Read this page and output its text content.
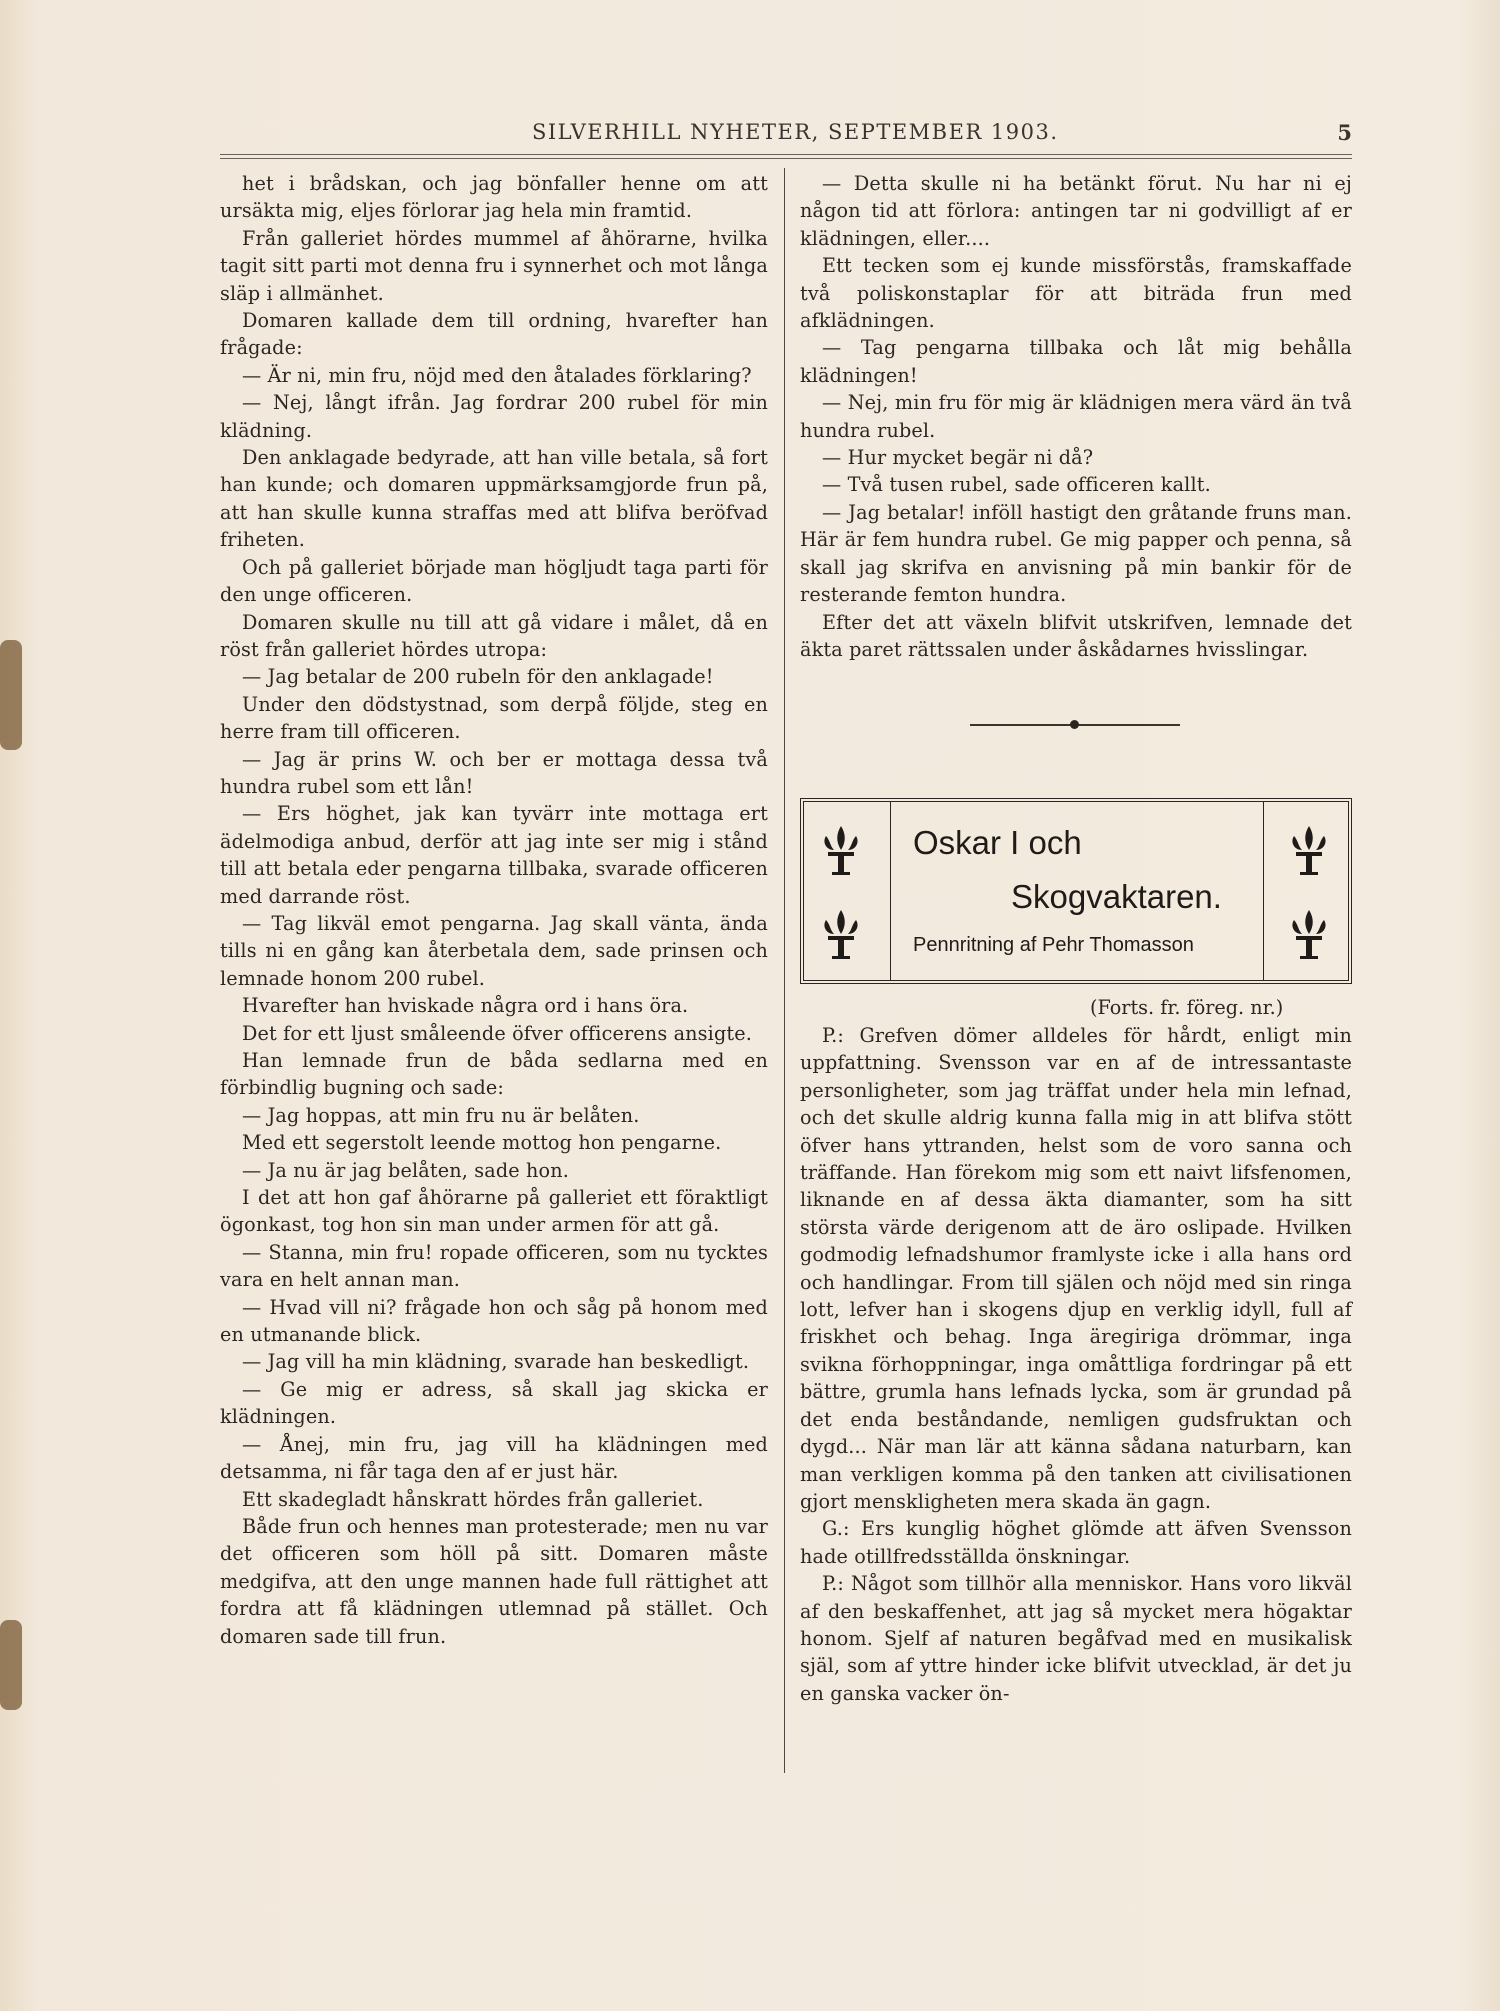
SILVERHILL NYHETER, SEPTEMBER 1903.	5

het i brådskan, och jag bönfaller henne om att ursäkta mig, eljes förlorar jag hela min framtid.

Från galleriet hördes mummel af åhörarne, hvilka tagit sitt parti mot denna fru i synnerhet och mot långa släp i allmänhet.

Domaren kallade dem till ordning, hvarefter han frågade:

— Är ni, min fru, nöjd med den åtalades förklaring?

— Nej, långt ifrån. Jag fordrar 200 rubel för min klädning.

Den anklagade bedyrade, att han ville betala, så fort han kunde; och domaren uppmärksamgjorde frun på, att han skulle kunna straffas med att blifva beröfvad friheten.

Och på galleriet började man högljudt taga parti för den unge officeren.

Domaren skulle nu till att gå vidare i målet, då en röst från galleriet hördes utropa:

— Jag betalar de 200 rubeln för den anklagade!

Under den dödstystnad, som derpå följde, steg en herre fram till officeren.

— Jag är prins W. och ber er mottaga dessa två hundra rubel som ett lån!

— Ers höghet, jak kan tyvärr inte mottaga ert ädelmodiga anbud, derför att jag inte ser mig i stånd till att betala eder pengarna tillbaka, svarade officeren med darrande röst.

— Tag likväl emot pengarna. Jag skall vänta, ända tills ni en gång kan återbetala dem, sade prinsen och lemnade honom 200 rubel.

Hvarefter han hviskade några ord i hans öra.

Det for ett ljust småleende öfver officerens ansigte.

Han lemnade frun de båda sedlarna med en förbindlig bugning och sade:

— Jag hoppas, att min fru nu är belåten.

Med ett segerstolt leende mottog hon pengarne.

— Ja nu är jag belåten, sade hon.

I det att hon gaf åhörarne på galleriet ett föraktligt ögonkast, tog hon sin man under armen för att gå.

— Stanna, min fru! ropade officeren, som nu tycktes vara en helt annan man.

— Hvad vill ni? frågade hon och såg på honom med en utmanande blick.

— Jag vill ha min klädning, svarade han beskedligt.

— Ge mig er adress, så skall jag skicka er klädningen.

— Ånej, min fru, jag vill ha klädningen med detsamma, ni får taga den af er just här.

Ett skadegladt hånskratt hördes från galleriet.

Både frun och hennes man protesterade; men nu var det officeren som höll på sitt. Domaren måste medgifva, att den unge mannen hade full rättighet att fordra att få klädningen utlemnad på stället. Och domaren sade till frun.

— Detta skulle ni ha betänkt förut. Nu har ni ej någon tid att förlora: antingen tar ni godvilligt af er klädningen, eller....

Ett tecken som ej kunde missförstås, framskaffade två poliskonstaplar för att biträda frun med afklädningen.

— Tag pengarna tillbaka och låt mig behålla klädningen!

— Nej, min fru för mig är klädnigen mera värd än två hundra rubel.

— Hur mycket begär ni då?

— Två tusen rubel, sade officeren kallt.

— Jag betalar! inföll hastigt den gråtande fruns man. Här är fem hundra rubel. Ge mig papper och penna, så skall jag skrifva en anvisning på min bankir för de resterande femton hundra.

Efter det att växeln blifvit utskrifven, lemnade det äkta paret rättssalen under åskådarnes hvisslingar.

Oskar I och
Skogvaktaren.
Pennritning af Pehr Thomasson
(Forts. fr. föreg. nr.)

P.: Grefven dömer alldeles för hårdt, enligt min uppfattning. Svensson var en af de intressantaste personligheter, som jag träffat under hela min lefnad, och det skulle aldrig kunna falla mig in att blifva stött öfver hans yttranden, helst som de voro sanna och träffande. Han förekom mig som ett naivt lifsfenomen, liknande en af dessa äkta diamanter, som ha sitt största värde derigenom att de äro oslipade. Hvilken godmodig lefnadshumor framlyste icke i alla hans ord och handlingar. From till själen och nöjd med sin ringa lott, lefver han i skogens djup en verklig idyll, full af friskhet och behag. Inga äregiriga drömmar, inga svikna förhoppningar, inga omåttliga fordringar på ett bättre, grumla hans lefnads lycka, som är grundad på det enda beståndande, nemligen gudsfruktan och dygd... När man lär att känna sådana naturbarn, kan man verkligen komma på den tanken att civilisationen gjort menskligheten mera skada än gagn.

G.: Ers kunglig höghet glömde att äfven Svensson hade otillfredsställda önskningar.

P.: Något som tillhör alla menniskor. Hans voro likväl af den beskaffenhet, att jag så mycket mera högaktar honom. Sjelf af naturen begåfvad med en musikalisk själ, som af yttre hinder icke blifvit utvecklad, är det ju en ganska vacker ön-
